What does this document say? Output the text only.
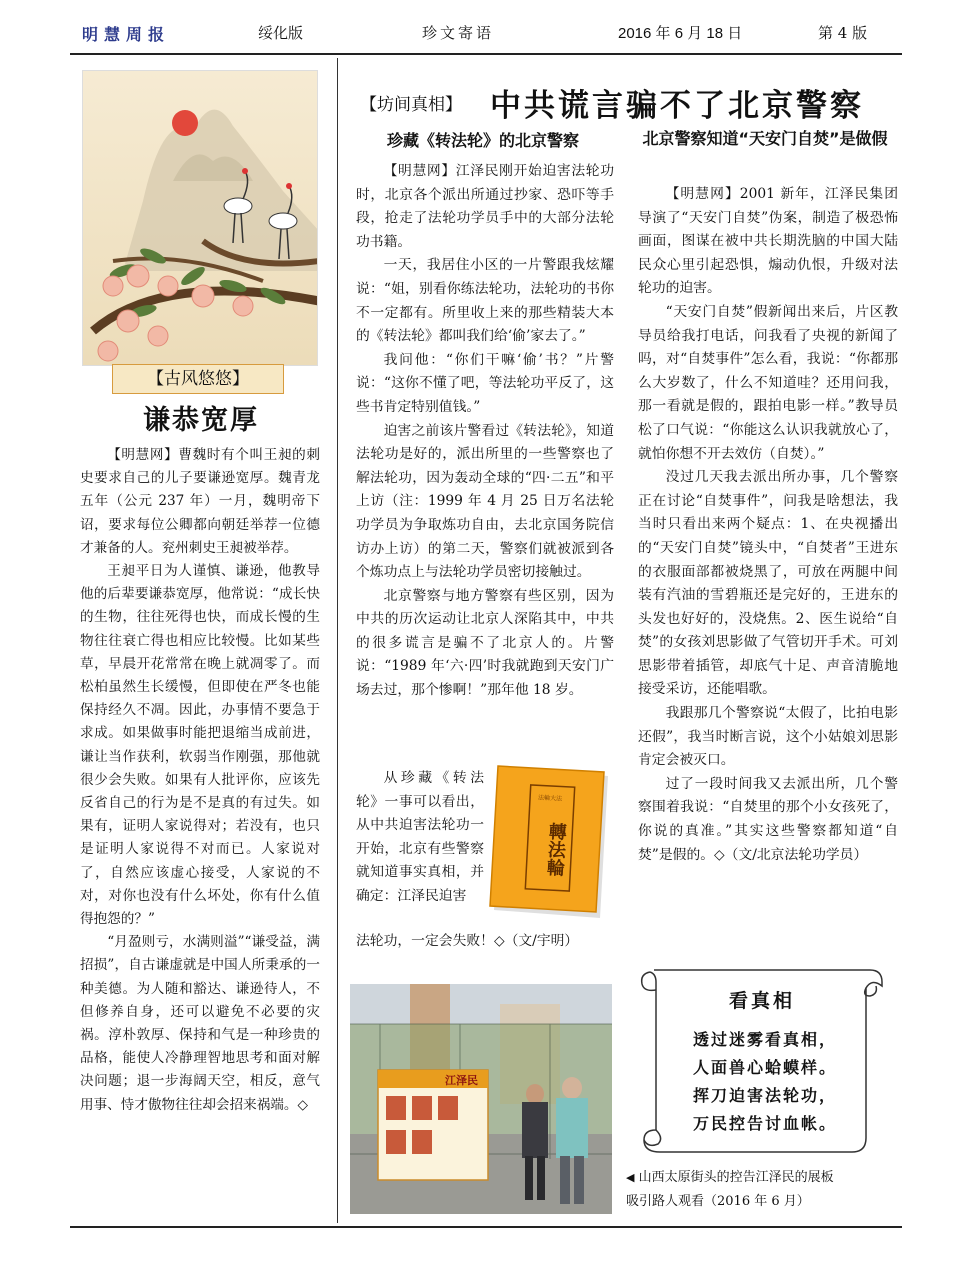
明慧周报	绥化版	珍文寄语	2016 年 6 月 18 日	第 4 版
【古风悠悠】
谦恭宽厚

【明慧网】曹魏时有个叫王昶的刺史要求自己的儿子要谦逊宽厚。魏青龙五年（公元 237 年）一月，魏明帝下诏，要求每位公卿都向朝廷举荐一位德才兼备的人。兖州刺史王昶被举荐。

王昶平日为人谨慎、谦逊，他教导他的后辈要谦恭宽厚，他常说：“成长快的生物，往往死得也快，而成长慢的生物往往衰亡得也相应比较慢。比如某些草，早晨开花常常在晚上就凋零了。而松柏虽然生长缓慢，但即使在严冬也能保持经久不凋。因此，办事情不要急于求成。如果做事时能把退缩当成前进，谦让当作获利，软弱当作刚强，那他就很少会失败。如果有人批评你，应该先反省自己的行为是不是真的有过失。如果有，证明人家说得对；若没有，也只是证明人家说得不对而已。人家说对了，自然应该虚心接受，人家说的不对，对你也没有什么坏处，你有什么值得抱怨的？”

“月盈则亏，水满则溢”“谦受益，满招损”，自古谦虚就是中国人所秉承的一种美德。为人随和豁达、谦逊待人，不但修养自身，还可以避免不必要的灾祸。淳朴敦厚、保持和气是一种珍贵的品格，能使人冷静理智地思考和面对解决问题；退一步海阔天空，相反，意气用事、恃才傲物往往却会招来祸端。◇

【坊间真相】 中共谎言骗不了北京警察
珍藏《转法轮》的北京警察

【明慧网】江泽民刚开始迫害法轮功时，北京各个派出所通过抄家、恐吓等手段，抢走了法轮功学员手中的大部分法轮功书籍。

一天，我居住小区的一片警跟我炫耀说：“姐，别看你练法轮功，法轮功的书你不一定都有。所里收上来的那些精装大本的《转法轮》都叫我们给‘偷’家去了。”

我问他：“你们干嘛‘偷’书？”片警说：“这你不懂了吧，等法轮功平反了，这些书肯定特别值钱。”

迫害之前该片警看过《转法轮》，知道法轮功是好的，派出所里的一些警察也了解法轮功，因为轰动全球的“四·二五”和平上访（注：1999 年 4 月 25 日万名法轮功学员为争取炼功自由，去北京国务院信访办上访）的第二天，警察们就被派到各个炼功点上与法轮功学员密切接触过。

北京警察与地方警察有些区别，因为中共的历次运动让北京人深陷其中，中共的很多谎言是骗不了北京人的。片警说：“1989 年‘六·四’时我就跑到天安门广场去过，那个惨啊！”那年他 18 岁。

从珍藏《转法轮》一事可以看出，从中共迫害法轮功一开始，北京有些警察就知道事实真相，并确定：江泽民迫害

法轮功，一定会失败！◇（文/宇明）
法輪大法
轉法輪
北京警察知道“天安门自焚”是做假

【明慧网】2001 新年，江泽民集团导演了“天安门自焚”伪案，制造了极恐怖画面，图谋在被中共长期洗脑的中国大陆民众心里引起恐惧，煽动仇恨，升级对法轮功的迫害。

“天安门自焚”假新闻出来后，片区教导员给我打电话，问我看了央视的新闻了吗，对“自焚事件”怎么看，我说：“你都那么大岁数了，什么不知道哇？还用问我，那一看就是假的，跟拍电影一样。”教导员松了口气说：“你能这么认识我就放心了，就怕你想不开去效仿（自焚）。”

没过几天我去派出所办事，几个警察正在讨论“自焚事件”，问我是啥想法，我当时只看出来两个疑点：1、在央视播出的“天安门自焚”镜头中，“自焚者”王进东的衣服面部都被烧黑了，可放在两腿中间装有汽油的雪碧瓶还是完好的，王进东的头发也好好的，没烧焦。2、医生说给“自焚”的女孩刘思影做了气管切开手术。可刘思影带着插管，却底气十足、声音清脆地接受采访，还能唱歌。

我跟那几个警察说“太假了，比拍电影还假”，我当时断言说，这个小姑娘刘思影肯定会被灭口。

过了一段时间我又去派出所，几个警察围着我说：“自焚里的那个小女孩死了，你说的真准。”其实这些警察都知道“自焚”是假的。◇（文/北京法轮功学员）

江泽民
看真相
透过迷雾看真相，
人面兽心蛤蟆样。
挥刀迫害法轮功，
万民控告讨血帐。
◀ 山西太原街头的控告江泽民的展板
吸引路人观看（2016 年 6 月）
